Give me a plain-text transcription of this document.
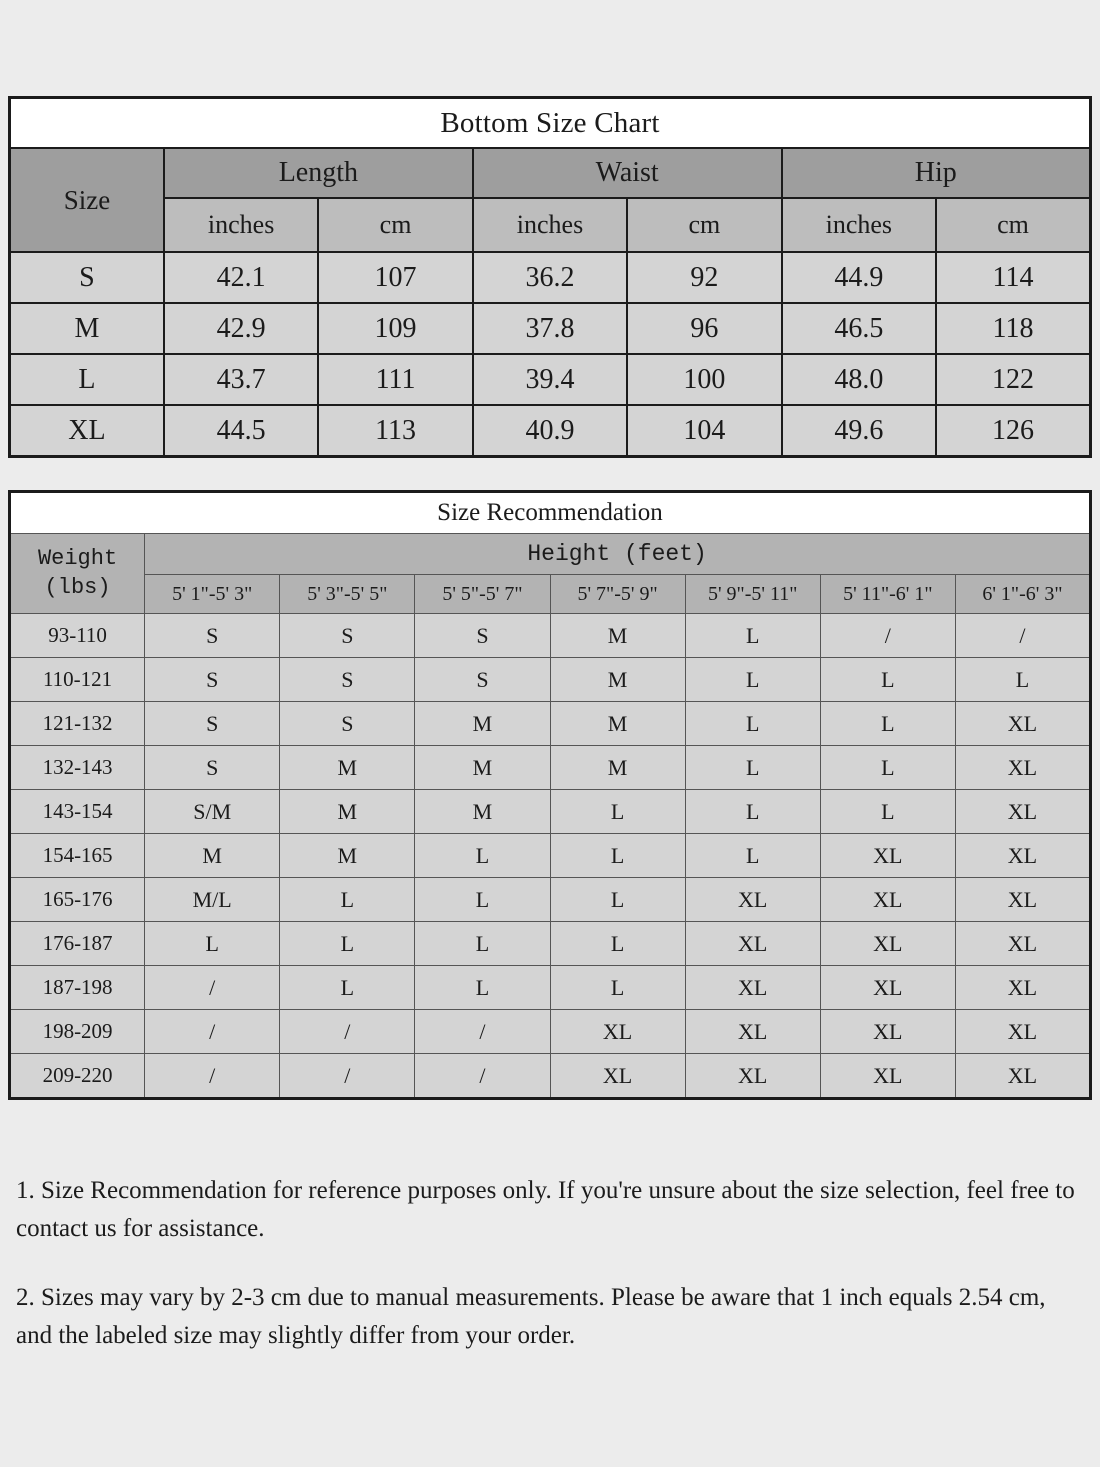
Bottom Size Chart						
Size	Length		Waist		Hip	
	inches	cm	inches	cm	inches	cm
S	42.1	107	36.2	92	44.9	114
M	42.9	109	37.8	96	46.5	118
L	43.7	111	39.4	100	48.0	122
XL	44.5	113	40.9	104	49.6	126
Size Recommendation							

Weight
(lbs)	Height (feet)						
	5' 1"-5' 3"	5' 3"-5' 5"	5' 5"-5' 7"	5' 7"-5' 9"	5' 9"-5' 11"	5' 11"-6' 1"	6' 1"-6' 3"
93-110	S	S	S	M	L	/	/
110-121	S	S	S	M	L	L	L
121-132	S	S	M	M	L	L	XL
132-143	S	M	M	M	L	L	XL
143-154	S/M	M	M	L	L	L	XL
154-165	M	M	L	L	L	XL	XL
165-176	M/L	L	L	L	XL	XL	XL
176-187	L	L	L	L	XL	XL	XL
187-198	/	L	L	L	XL	XL	XL
198-209	/	/	/	XL	XL	XL	XL
209-220	/	/	/	XL	XL	XL	XL

1. Size Recommendation for reference purposes only. If you're unsure about the size selection, feel free to contact us for assistance.

2. Sizes may vary by 2-3 cm due to manual measurements. Please be aware that 1 inch equals 2.54 cm, and the labeled size may slightly differ from your order.
